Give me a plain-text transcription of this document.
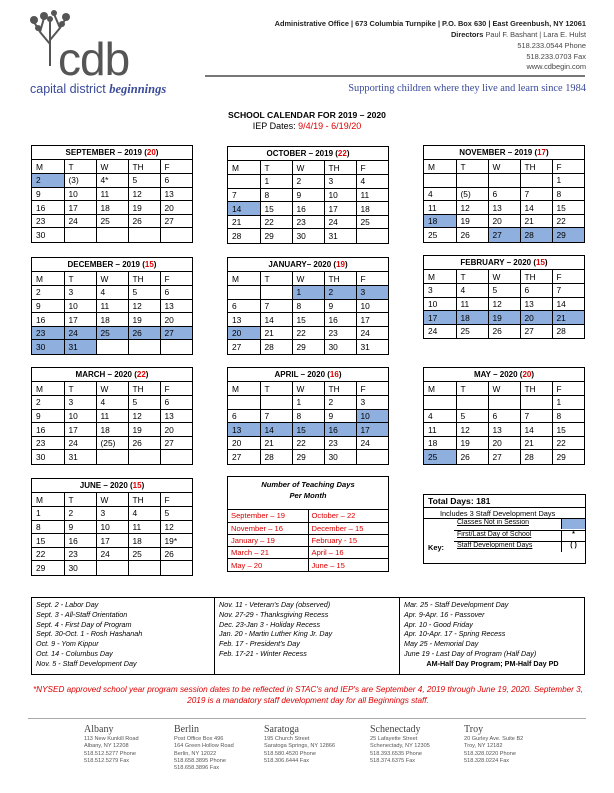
cdb
capital district beginnings
Administrative Office | 673 Columbia Turnpike | P.O. Box 630 | East Greenbush, NY 12061
Directors Paul F. Bashant | Lara E. Hulst
518.233.0544 Phone
518.233.0703 Fax
www.cdbegin.com
Supporting children where they live and learn since 1984
SCHOOL CALENDAR FOR 2019 – 2020
IEP Dates: 9/4/19 - 6/19/20
SEPTEMBER – 2019 (20)
M	T	W	TH	F
2	(3)	4*	5	6
9	10	11	12	13
16	17	18	19	20
23	24	25	26	27
30				
OCTOBER – 2019 (22)
M	T	W	TH	F
	1	2	3	4
7	8	9	10	11
14	15	16	17	18
21	22	23	24	25
28	29	30	31	
NOVEMBER – 2019 (17)
M	T	W	TH	F
				1
4	(5)	6	7	8
11	12	13	14	15
18	19	20	21	22
25	26	27	28	29
DECEMBER – 2019 (15)
M	T	W	TH	F
2	3	4	5	6
9	10	11	12	13
16	17	18	19	20
23	24	25	26	27
30	31			
JANUARY– 2020 (19)
M	T	W	TH	F
		1	2	3
6	7	8	9	10
13	14	15	16	17
20	21	22	23	24
27	28	29	30	31
FEBRUARY – 2020 (15)
M	T	W	TH	F
3	4	5	6	7
10	11	12	13	14
17	18	19	20	21
24	25	26	27	28
MARCH – 2020 (22)
M	T	W	TH	F
2	3	4	5	6
9	10	11	12	13
16	17	18	19	20
23	24	(25)	26	27
30	31			
APRIL – 2020 (16)
M	T	W	TH	F
		1	2	3
6	7	8	9	10
13	14	15	16	17
20	21	22	23	24
27	28	29	30	
MAY – 2020 (20)
M	T	W	TH	F
				1
4	5	6	7	8
11	12	13	14	15
18	19	20	21	22
25	26	27	28	29
JUNE – 2020 (15)
M	T	W	TH	F
1	2	3	4	5
8	9	10	11	12
15	16	17	18	19*
22	23	24	25	26
29	30			
Number of Teaching Days
Per Month
September – 19	October – 22
November – 16	December – 15
January – 19	February - 15
March – 21	April – 16
May – 20	June – 15
Total Days: 181
Includes 3 Staff Development Days
Key:
Classes Not in Session
First/Last Day of School	*
Staff Development Days	( )
Sept. 2 - Labor Day
Sept. 3 - All-Staff Orientation
Sept. 4 - First Day of Program
Sept. 30-Oct. 1 - Rosh Hashanah
Oct. 9 - Yom Kippur
Oct. 14 - Columbus Day
Nov. 5 - Staff Development Day
Nov. 11 - Veteran's Day (observed)
Nov. 27-29 - Thanksgiving Recess
Dec. 23-Jan 3 - Holiday Recess
Jan. 20 - Martin Luther King Jr. Day
Feb. 17 - President's Day
Feb. 17-21 - Winter Recess
Mar. 25 - Staff Development Day
Apr. 9-Apr. 16 - Passover
Apr. 10 - Good Friday
Apr. 10-Apr. 17 - Spring Recess
May 25 - Memorial Day
June 19 - Last Day of Program (Half Day)
AM-Half Day Program; PM-Half Day PD
*NYSED approved school year program session dates to be reflected in STAC's and IEP's are September 4, 2019 through June 19, 2020. September 3, 2019 is a mandatory staff development day for all Beginnings staff.
Albany
113 New Kunkill Road
Albany, NY 12208
518.512.5277 Phone
518.512.5279 Fax
Berlin
Post Office Box 496
164 Green Hollow Road
Berlin, NY 12022
518.658.3895 Phone
518.658.3896 Fax
Saratoga
195 Church Street
Saratoga Springs, NY 12866
518.580.4520 Phone
518.306.6444 Fax
Schenectady
25 Lafayette Street
Schenectady, NY 12305
518.393.6535 Phone
518.374.6375 Fax
Troy
20 Gurley Ave. Suite B2
Troy, NY 12182
518.328.0220 Phone
518.328.0224 Fax
